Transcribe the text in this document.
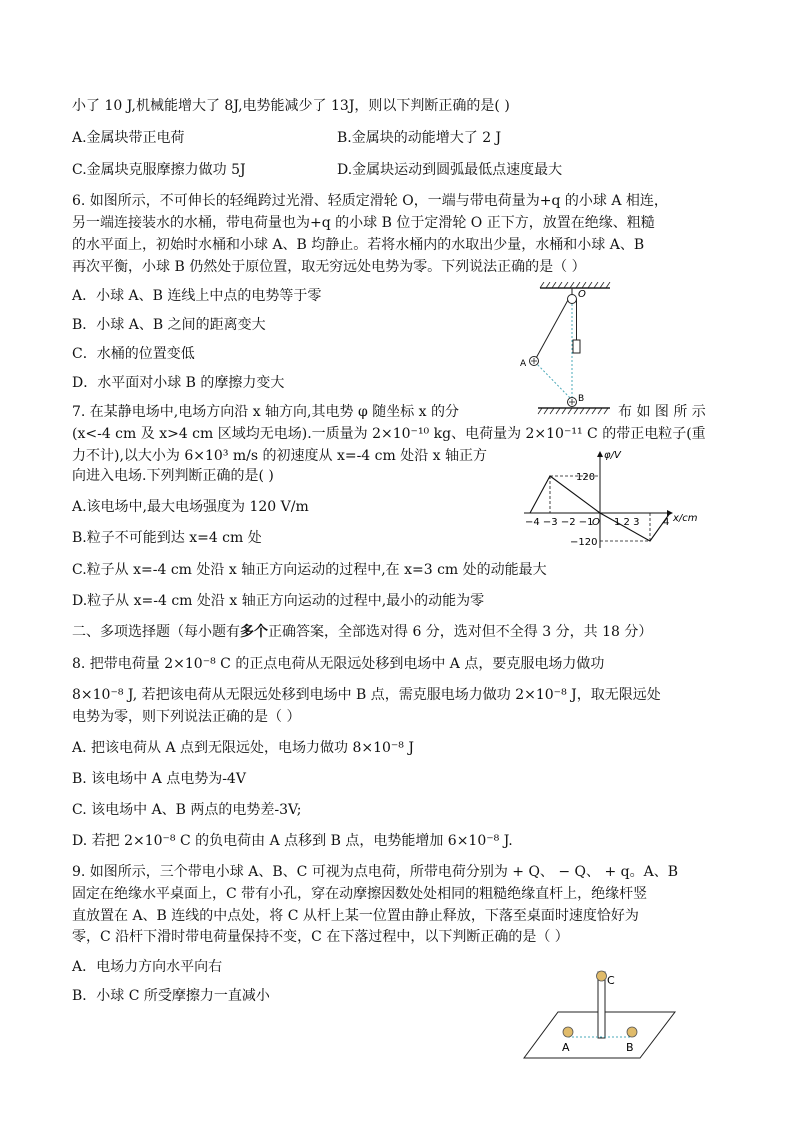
小了 10 J,机械能增大了 8J,电势能减少了 13J，则以下判断正确的是( )
A.金属块带正电荷	B.金属块的动能增大了 2 J
C.金属块克服摩擦力做功 5J	D.金属块运动到圆弧最低点速度最大
6. 如图所示，不可伸长的轻绳跨过光滑、轻质定滑轮 O，一端与带电荷量为+q 的小球 A 相连，
另一端连接装水的水桶，带电荷量也为+q 的小球 B 位于定滑轮 O 正下方，放置在绝缘、粗糙
的水平面上，初始时水桶和小球 A、B 均静止。若将水桶内的水取出少量，水桶和小球 A、B
再次平衡，小球 B 仍然处于原位置，取无穷远处电势为零。下列说法正确的是（ ）
A．小球 A、B 连线上中点的电势等于零
B．小球 A、B 之间的距离变大
C．水桶的位置变低
D．水平面对小球 B 的摩擦力变大
O
A
B
7. 在某静电场中,电场方向沿 x 轴方向,其电势 φ 随坐标 x 的分	布 如 图 所 示
(x<-4 cm 及 x>4 cm 区域均无电场).一质量为 2×10⁻¹⁰ kg、电荷量为 2×10⁻¹¹ C 的带正电粒子(重
力不计),以大小为 6×10³ m/s 的初速度从 x=-4 cm 处沿 x 轴正方
向进入电场.下列判断正确的是( )
A.该电场中,最大电场强度为 120 V/m
B.粒子不可能到达 x=4 cm 处
C.粒子从 x=-4 cm 处沿 x 轴正方向运动的过程中,在 x=3 cm 处的动能最大
D.粒子从 x=-4 cm 处沿 x 轴正方向运动的过程中,最小的动能为零
φ/V
x/cm
120
−120
−4 −3 −2 −1
O 1 2 3 4
二、多项选择题（每小题有多个正确答案，全部选对得 6 分，选对但不全得 3 分，共 18 分）
8. 把带电荷量 2×10⁻⁸ C 的正点电荷从无限远处移到电场中 A 点，要克服电场力做功
8×10⁻⁸ J, 若把该电荷从无限远处移到电场中 B 点，需克服电场力做功 2×10⁻⁸ J，取无限远处
电势为零，则下列说法正确的是（ ）
A. 把该电荷从 A 点到无限远处，电场力做功 8×10⁻⁸ J
B. 该电场中 A 点电势为-4V
C. 该电场中 A、B 两点的电势差-3V;
D. 若把 2×10⁻⁸ C 的负电荷由 A 点移到 B 点，电势能增加 6×10⁻⁸ J.
9. 如图所示，三个带电小球 A、B、C 可视为点电荷，所带电荷分别为 + Q、 − Q、 + q。A、B
固定在绝缘水平桌面上，C 带有小孔，穿在动摩擦因数处处相同的粗糙绝缘直杆上，绝缘杆竖
直放置在 A、B 连线的中点处，将 C 从杆上某一位置由静止释放，下落至桌面时速度恰好为
零，C 沿杆下滑时带电荷量保持不变，C 在下落过程中，以下判断正确的是（ ）
A．电场力方向水平向右
B．小球 C 所受摩擦力一直减小
C
A	B
